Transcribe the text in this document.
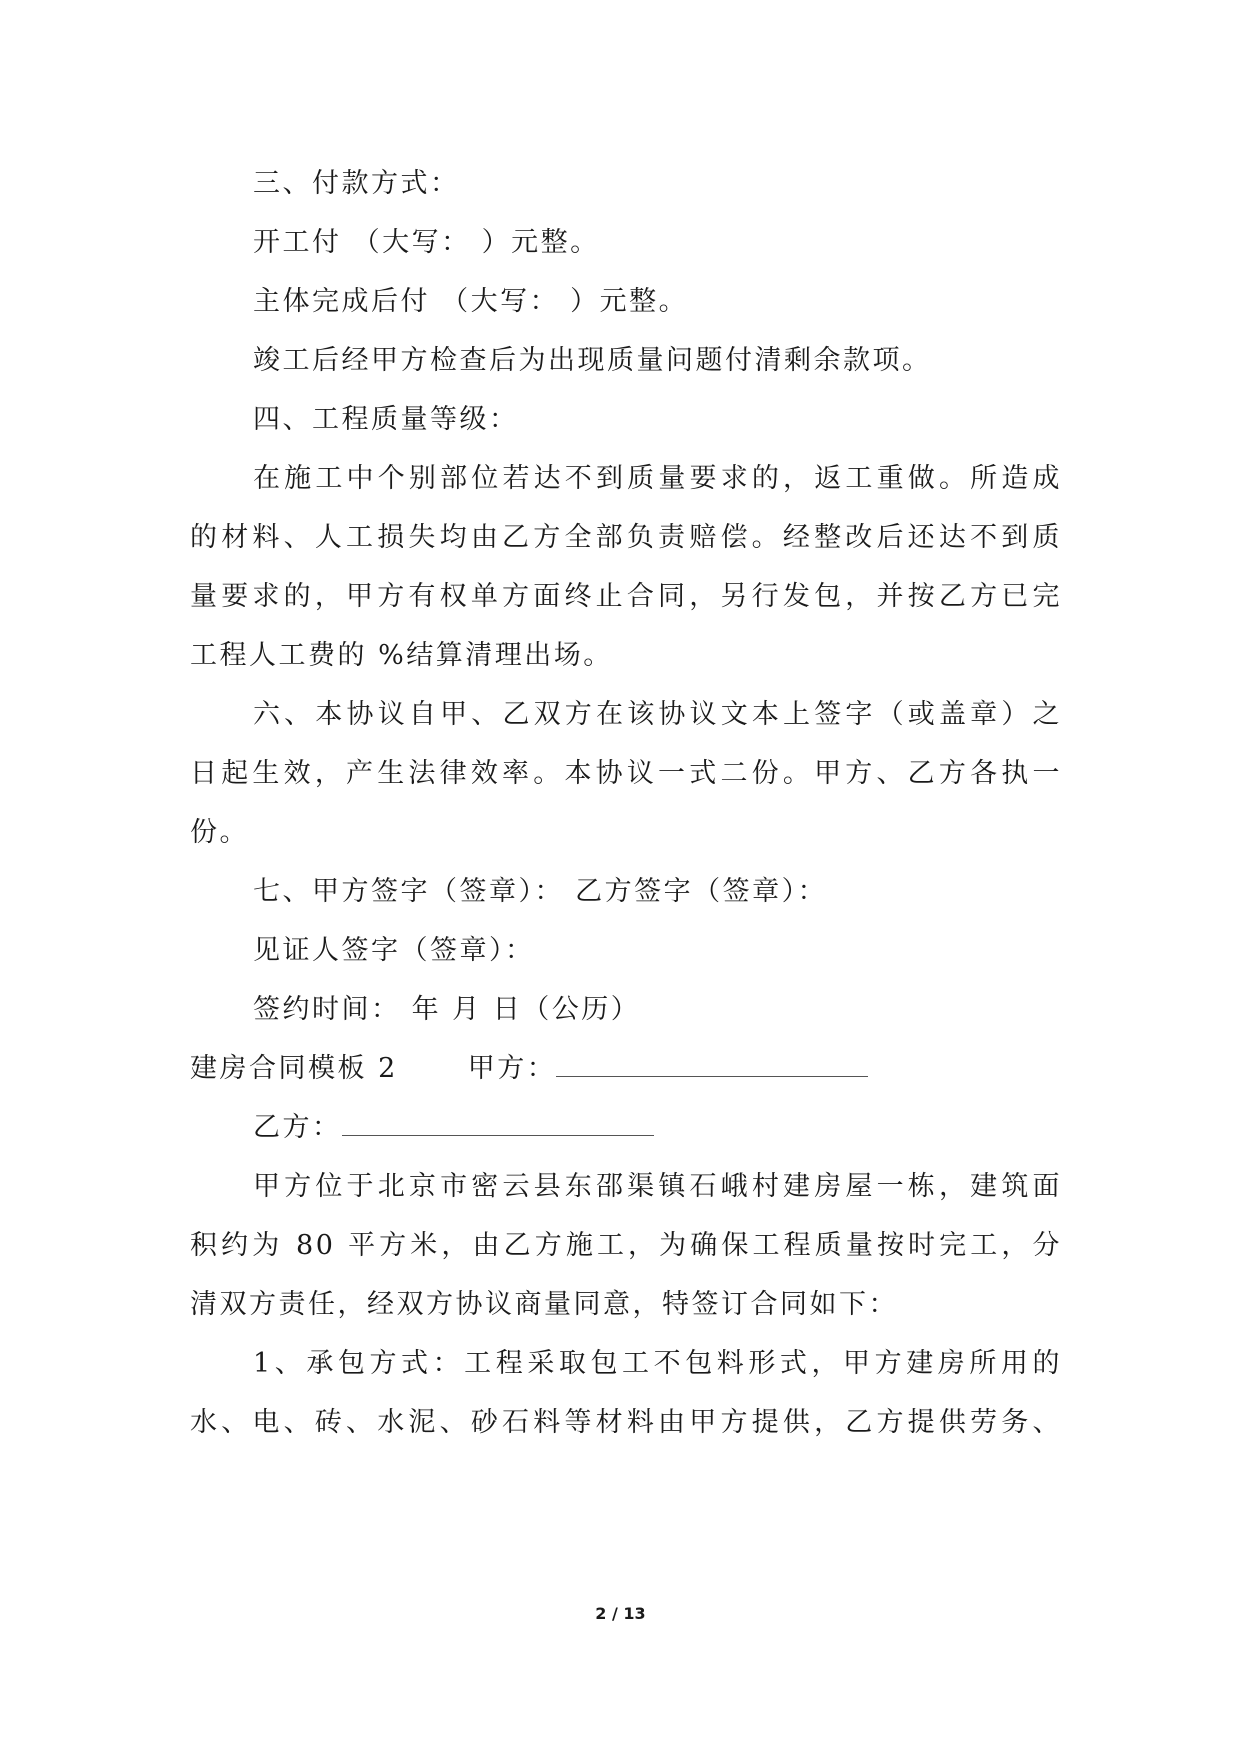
三、付款方式：
开工付 （大写： ）元整。
主体完成后付 （大写： ）元整。
竣工后经甲方检查后为出现质量问题付清剩余款项。
四、工程质量等级：
在施工中个别部位若达不到质量要求的，返工重做。所造成
的材料、人工损失均由乙方全部负责赔偿。经整改后还达不到质
量要求的，甲方有权单方面终止合同，另行发包，并按乙方已完
工程人工费的 %结算清理出场。
六、本协议自甲、乙双方在该协议文本上签字（或盖章）之
日起生效，产生法律效率。本协议一式二份。甲方、乙方各执一
份。
七、甲方签字（签章）： 乙方签字（签章）：
见证人签字（签章）：
签约时间： 年 月 日（公历）
建房合同模板 2	甲方：
乙方：
甲方位于北京市密云县东邵渠镇石峨村建房屋一栋，建筑面
积约为 80 平方米，由乙方施工，为确保工程质量按时完工，分
清双方责任，经双方协议商量同意，特签订合同如下：
1、承包方式：工程采取包工不包料形式，甲方建房所用的
水、电、砖、水泥、砂石料等材料由甲方提供，乙方提供劳务、
2 / 13
